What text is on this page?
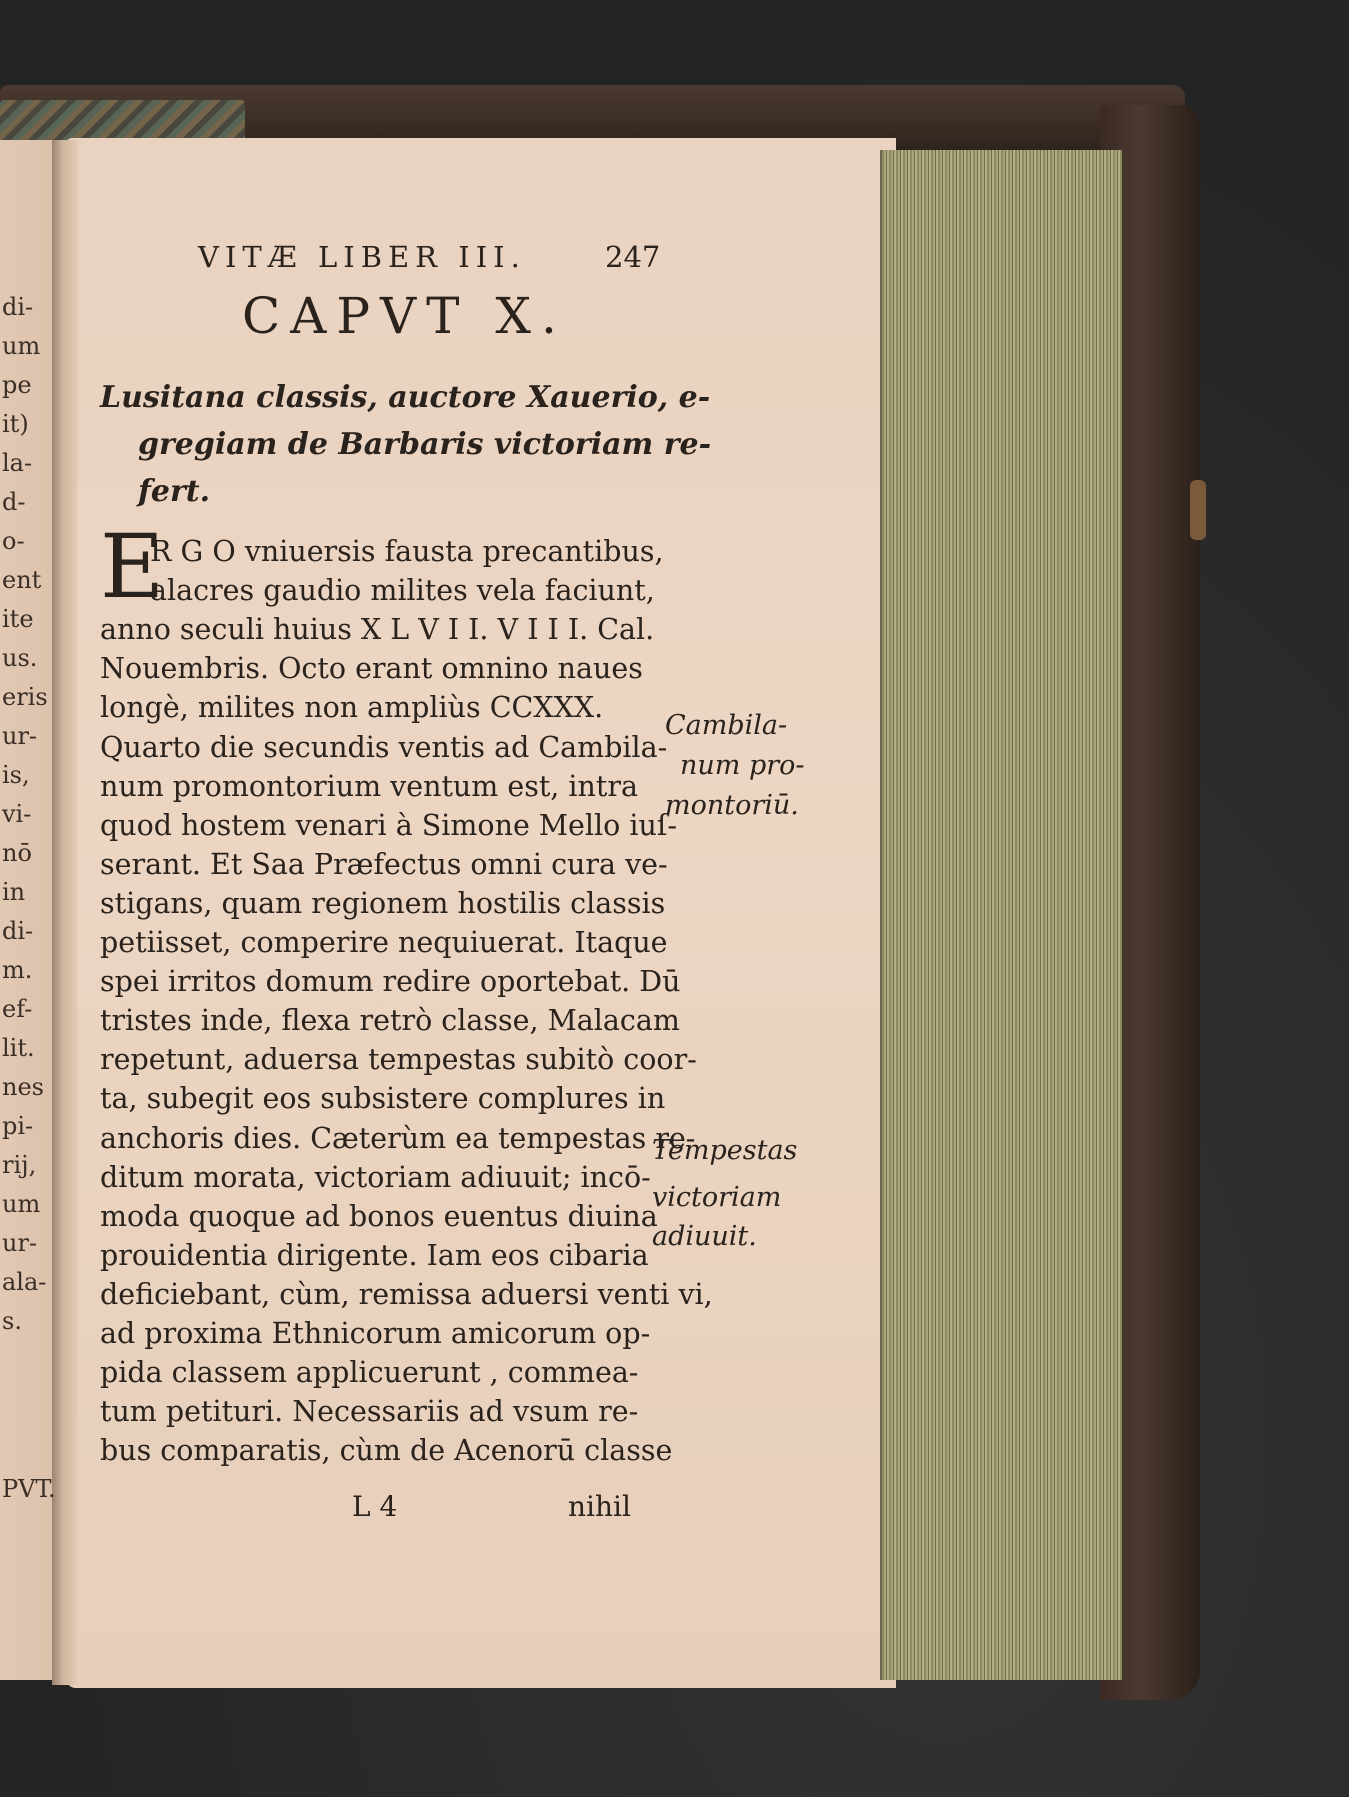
di-
um
pe
it)
la-
d-
o-
ent
ite
us.
eris
ur-
is,
vi-
nō
in
di-
m.
ef-
lit.
nes
pi-
rij,
um
ur-
ala-
s.
PVT.
VITÆ LIBER III.	247
CAPVT X.
Lusitana classis, auctore Xauerio, e-
gregiam de Barbaris victoriam re-
fert.
E
R G O vniuersis fausta precantibus,
alacres gaudio milites vela faciunt,
anno seculi huius X L V I I. V I I I. Cal.
Nouembris. Octo erant omnino naues
longè, milites non ampliùs CCXXX.
Quarto die secundis ventis ad Cambila-
num promontorium ventum est, intra
quod hostem venari à Simone Mello iuſ-
serant. Et Saa Præfectus omni cura ve-
stigans, quam regionem hostilis classis
petiisset, comperire nequiuerat. Itaque
spei irritos domum redire oportebat. Dū
tristes inde, flexa retrò classe, Malacam
repetunt, aduersa tempestas subitò coor-
ta, subegit eos subsistere complures in
anchoris dies. Cæterùm ea tempestas re-
ditum morata, victoriam adiuuit; incō-
moda quoque ad bonos euentus diuina
prouidentia dirigente. Iam eos cibaria
deficiebant, cùm, remissa aduersi venti vi,
ad proxima Ethnicorum amicorum op-
pida classem applicuerunt , commea-
tum petituri. Necessariis ad vsum re-
bus comparatis, cùm de Acenorū classe
Cambila-
num pro-
montoriū.
Tempestas
victoriam
adiuuit.
L 4	nihil
